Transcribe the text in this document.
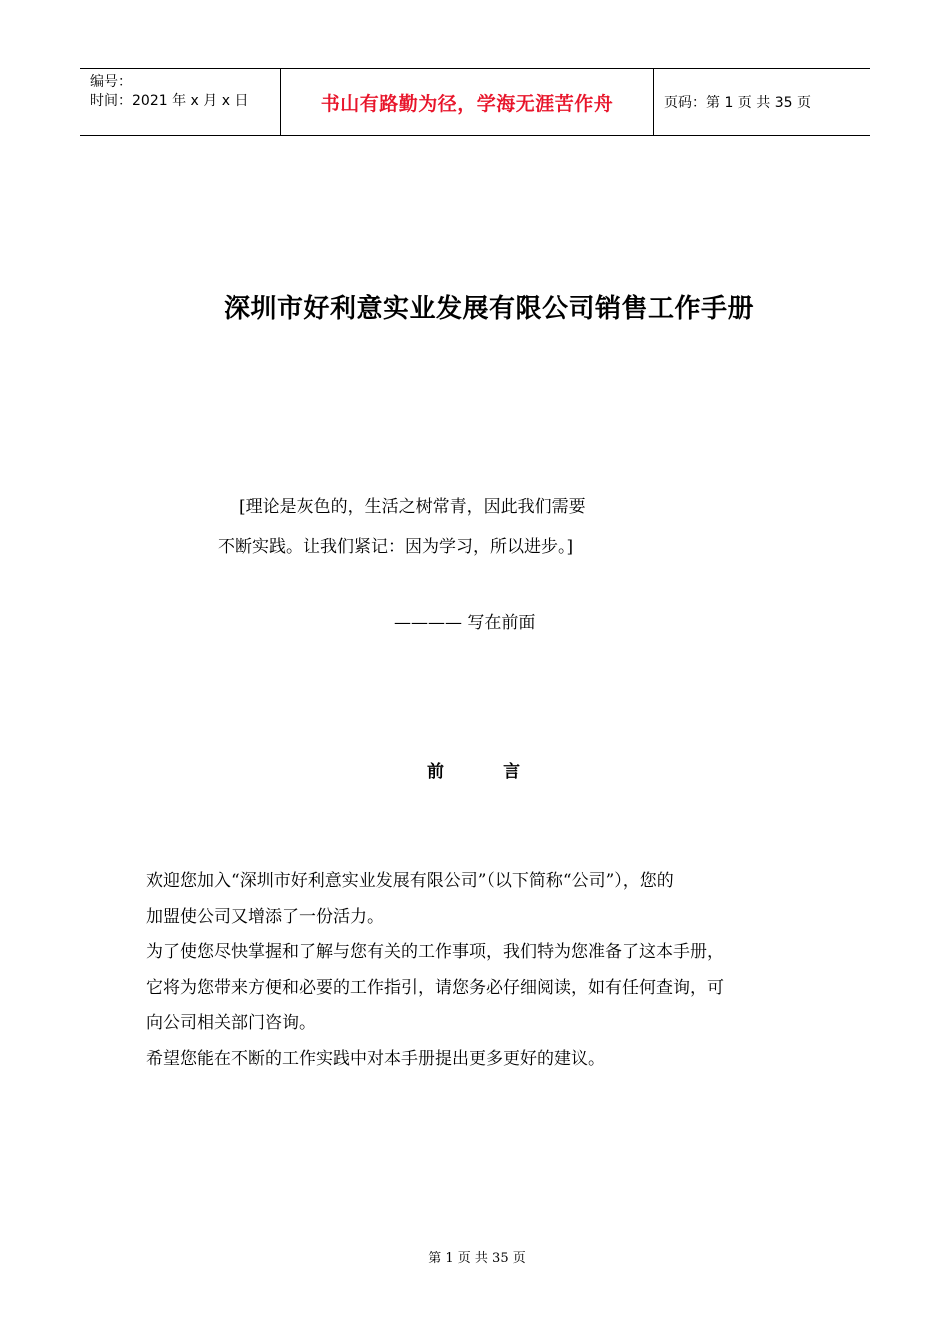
编号：
时间：2021 年 x 月 x 日	书山有路勤为径，学海无涯苦作舟	页码：第 1 页 共 35 页
深圳市好利意实业发展有限公司销售工作手册
[理论是灰色的，生活之树常青，因此我们需要
不断实践。让我们紧记：因为学习，所以进步。]
———— 写在前面
前          言

欢迎您加入“深圳市好利意实业发展有限公司”（以下简称“公司”），您的

加盟使公司又增添了一份活力。

为了使您尽快掌握和了解与您有关的工作事项，我们特为您准备了这本手册，

它将为您带来方便和必要的工作指引，请您务必仔细阅读，如有任何查询，可

向公司相关部门咨询。

希望您能在不断的工作实践中对本手册提出更多更好的建议。

第 1 页 共 35 页
